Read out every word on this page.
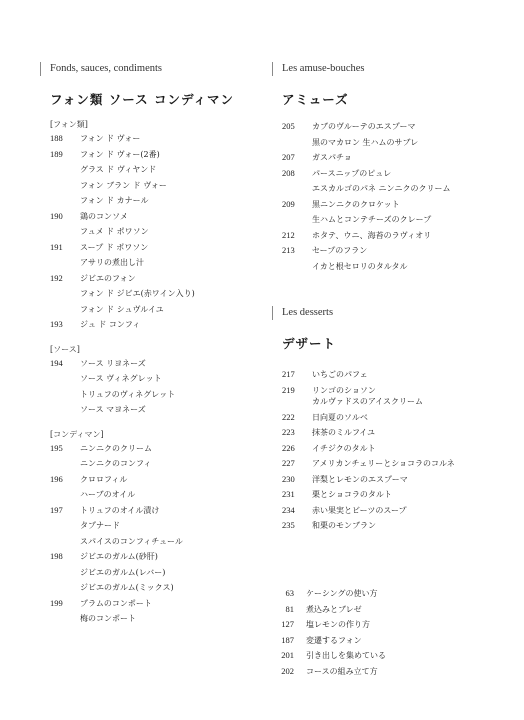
Fonds, sauces, condiments
フォン類 ソース コンディマン
[フォン類]
188	フォン ド ヴォー
189	フォン ド ヴォー(2番)
グラス ド ヴィヤンド
フォン ブラン ド ヴォー
フォン ド カナール
190	鶏のコンソメ
フュメ ド ポワソン
191	スープ ド ポワソン
アサリの煮出し汁
192	ジビエのフォン
フォン ド ジビエ(赤ワイン入り)
フォン ド シュヴルイユ
193	ジュ ド コンフィ
[ソース]
194	ソース リヨネーズ
ソース ヴィネグレット
トリュフのヴィネグレット
ソース マヨネーズ
[コンディマン]
195	ニンニクのクリーム
ニンニクのコンフィ
196	クロロフィル
ハーブのオイル
197	トリュフのオイル漬け
タプナード
スパイスのコンフィチュール
198	ジビエのガルム(砂肝)
ジビエのガルム(レバー)
ジビエのガルム(ミックス)
199	プラムのコンポート
梅のコンポート
Les amuse-bouches
アミューズ
205	カブのヴルーテのエスプーマ
黒のマカロン 生ハムのサブレ
207	ガスパチョ
208	パースニップのピュレ
エスカルゴのパネ ニンニクのクリーム
209	黒ニンニクのクロケット
生ハムとコンテチーズのクレープ
212	ホタテ、ウニ、海苔のラヴィオリ
213	セープのフラン
イカと根セロリのタルタル
Les desserts
デザート
217	いちごのパフェ
219	リンゴのショソン
カルヴァドスのアイスクリーム
222	日向夏のソルベ
223	抹茶のミルフイユ
226	イチジクのタルト
227	アメリカンチェリーとショコラのコルネ
230	洋梨とレモンのエスプーマ
231	栗とショコラのタルト
234	赤い果実とビーツのスープ
235	和栗のモンブラン
63 ケーシングの使い方
81 煮込みとブレゼ
127 塩レモンの作り方
187 変遷するフォン
201 引き出しを集めている
202 コースの組み立て方
